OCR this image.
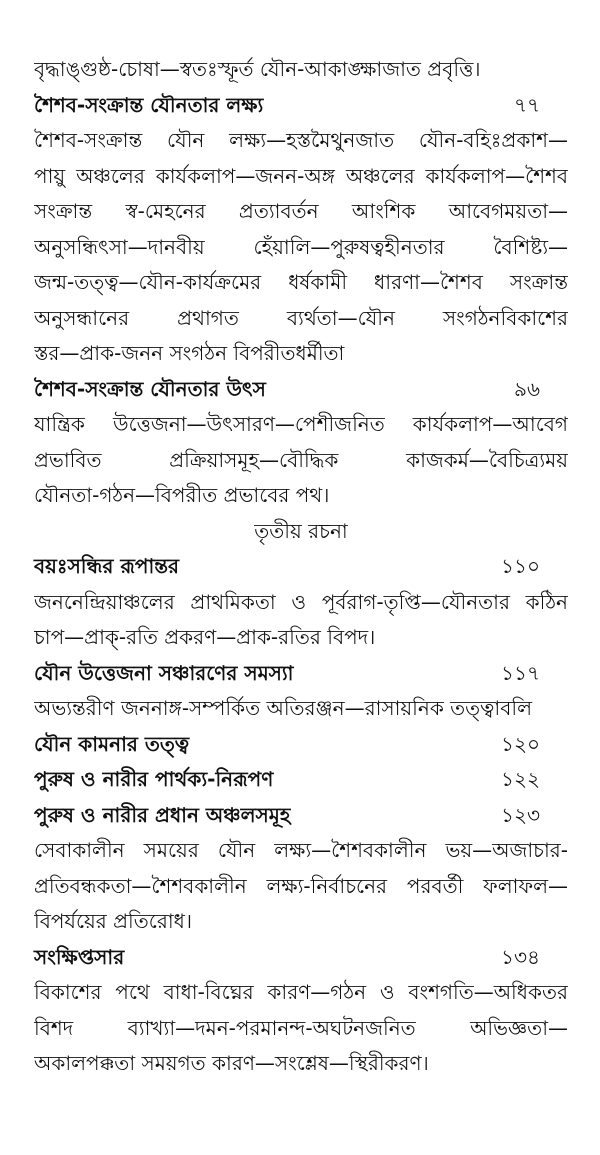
বৃদ্ধাঙ্গুষ্ঠ-চোষা—স্বতঃস্ফূর্ত যৌন-আকাঙ্ক্ষাজাত প্রবৃত্তি।
শৈশব-সংক্রান্ত যৌনতার লক্ষ্য	৭৭
শৈশব-সংক্রান্ত যৌন লক্ষ্য—হস্তমৈথুনজাত যৌন-বহিঃপ্রকাশ—
পায়ু অঞ্চলের কার্যকলাপ—জনন-অঙ্গ অঞ্চলের কার্যকলাপ—শৈশব
সংক্রান্ত স্ব-মেহনের প্রত্যাবর্তন আংশিক আবেগময়তা—
অনুসন্ধিৎসা—দানবীয় হেঁয়ালি—পুরুষত্বহীনতার বৈশিষ্ট্য—
জন্ম-তত্ত্ব—যৌন-কার্যক্রমের ধর্ষকামী ধারণা—শৈশব সংক্রান্ত
অনুসন্ধানের প্রথাগত ব্যর্থতা—যৌন সংগঠনবিকাশের
স্তর—প্রাক-জনন সংগঠন বিপরীতধর্মীতা
শৈশব-সংক্রান্ত যৌনতার উৎস	৯৬
যান্ত্রিক উত্তেজনা—উৎসারণ—পেশীজনিত কার্যকলাপ—আবেগ
প্রভাবিত প্রক্রিয়াসমূহ—বৌদ্ধিক কাজকর্ম—বৈচিত্র্যময়
যৌনতা-গঠন—বিপরীত প্রভাবের পথ।
তৃতীয় রচনা
বয়ঃসন্ধির রূপান্তর	১১০
জননেন্দ্রিয়াঞ্চলের প্রাথমিকতা ও পূর্বরাগ-তৃপ্তি—যৌনতার কঠিন
চাপ—প্রাক্-রতি প্রকরণ—প্রাক-রতির বিপদ।
যৌন উত্তেজনা সঞ্চারণের সমস্যা	১১৭
অভ্যন্তরীণ জননাঙ্গ-সম্পর্কিত অতিরঞ্জন—রাসায়নিক তত্ত্বাবলি
যৌন কামনার তত্ত্ব	১২০
পুরুষ ও নারীর পার্থক্য-নিরূপণ	১২২
পুরুষ ও নারীর প্রধান অঞ্চলসমূহ	১২৩
সেবাকালীন সময়ের যৌন লক্ষ্য—শৈশবকালীন ভয়—অজাচার-
প্রতিবন্ধকতা—শৈশবকালীন লক্ষ্য-নির্বাচনের পরবর্তী ফলাফল—
বিপর্যয়ের প্রতিরোধ।
সংক্ষিপ্তসার	১৩৪
বিকাশের পথে বাধা-বিঘ্নের কারণ—গঠন ও বংশগতি—অধিকতর
বিশদ ব্যাখ্যা—দমন-পরমানন্দ-অঘটনজনিত অভিজ্ঞতা—
অকালপক্কতা সময়গত কারণ—সংশ্লেষ—স্থিরীকরণ।
